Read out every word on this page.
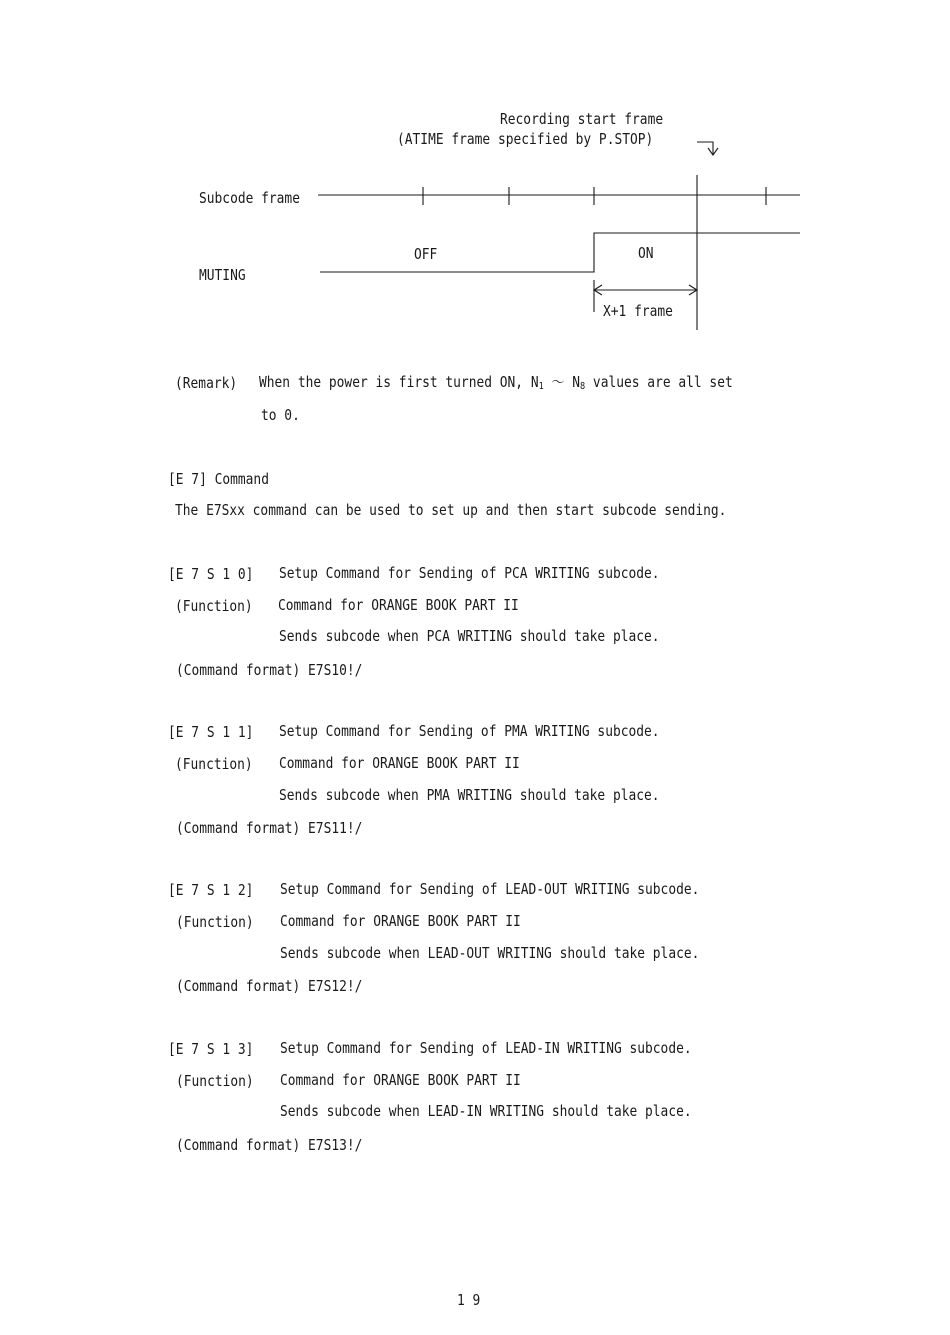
Recording start frame
(ATIME frame specified by P.STOP)
Subcode frame
OFF	ON
MUTING
X+1 frame
(Remark) When the power is first turned ON, $N_1$ ～ $N_8$ values are all set
to 0.
[E 7] Command
The E7Sxx command can be used to set up and then start subcode sending.
[E 7 S 1 0] Setup Command for Sending of PCA WRITING subcode.
(Function) Command for ORANGE BOOK PART II
Sends subcode when PCA WRITING should take place.
(Command format) E7S10!/
[E 7 S 1 1] Setup Command for Sending of PMA WRITING subcode.
(Function) Command for ORANGE BOOK PART II
Sends subcode when PMA WRITING should take place.
(Command format) E7S11!/
[E 7 S 1 2] Setup Command for Sending of LEAD-OUT WRITING subcode.
(Function) Command for ORANGE BOOK PART II
Sends subcode when LEAD-OUT WRITING should take place.
(Command format) E7S12!/
[E 7 S 1 3] Setup Command for Sending of LEAD-IN WRITING subcode.
(Function) Command for ORANGE BOOK PART II
Sends subcode when LEAD-IN WRITING should take place.
(Command format) E7S13!/
1 9
